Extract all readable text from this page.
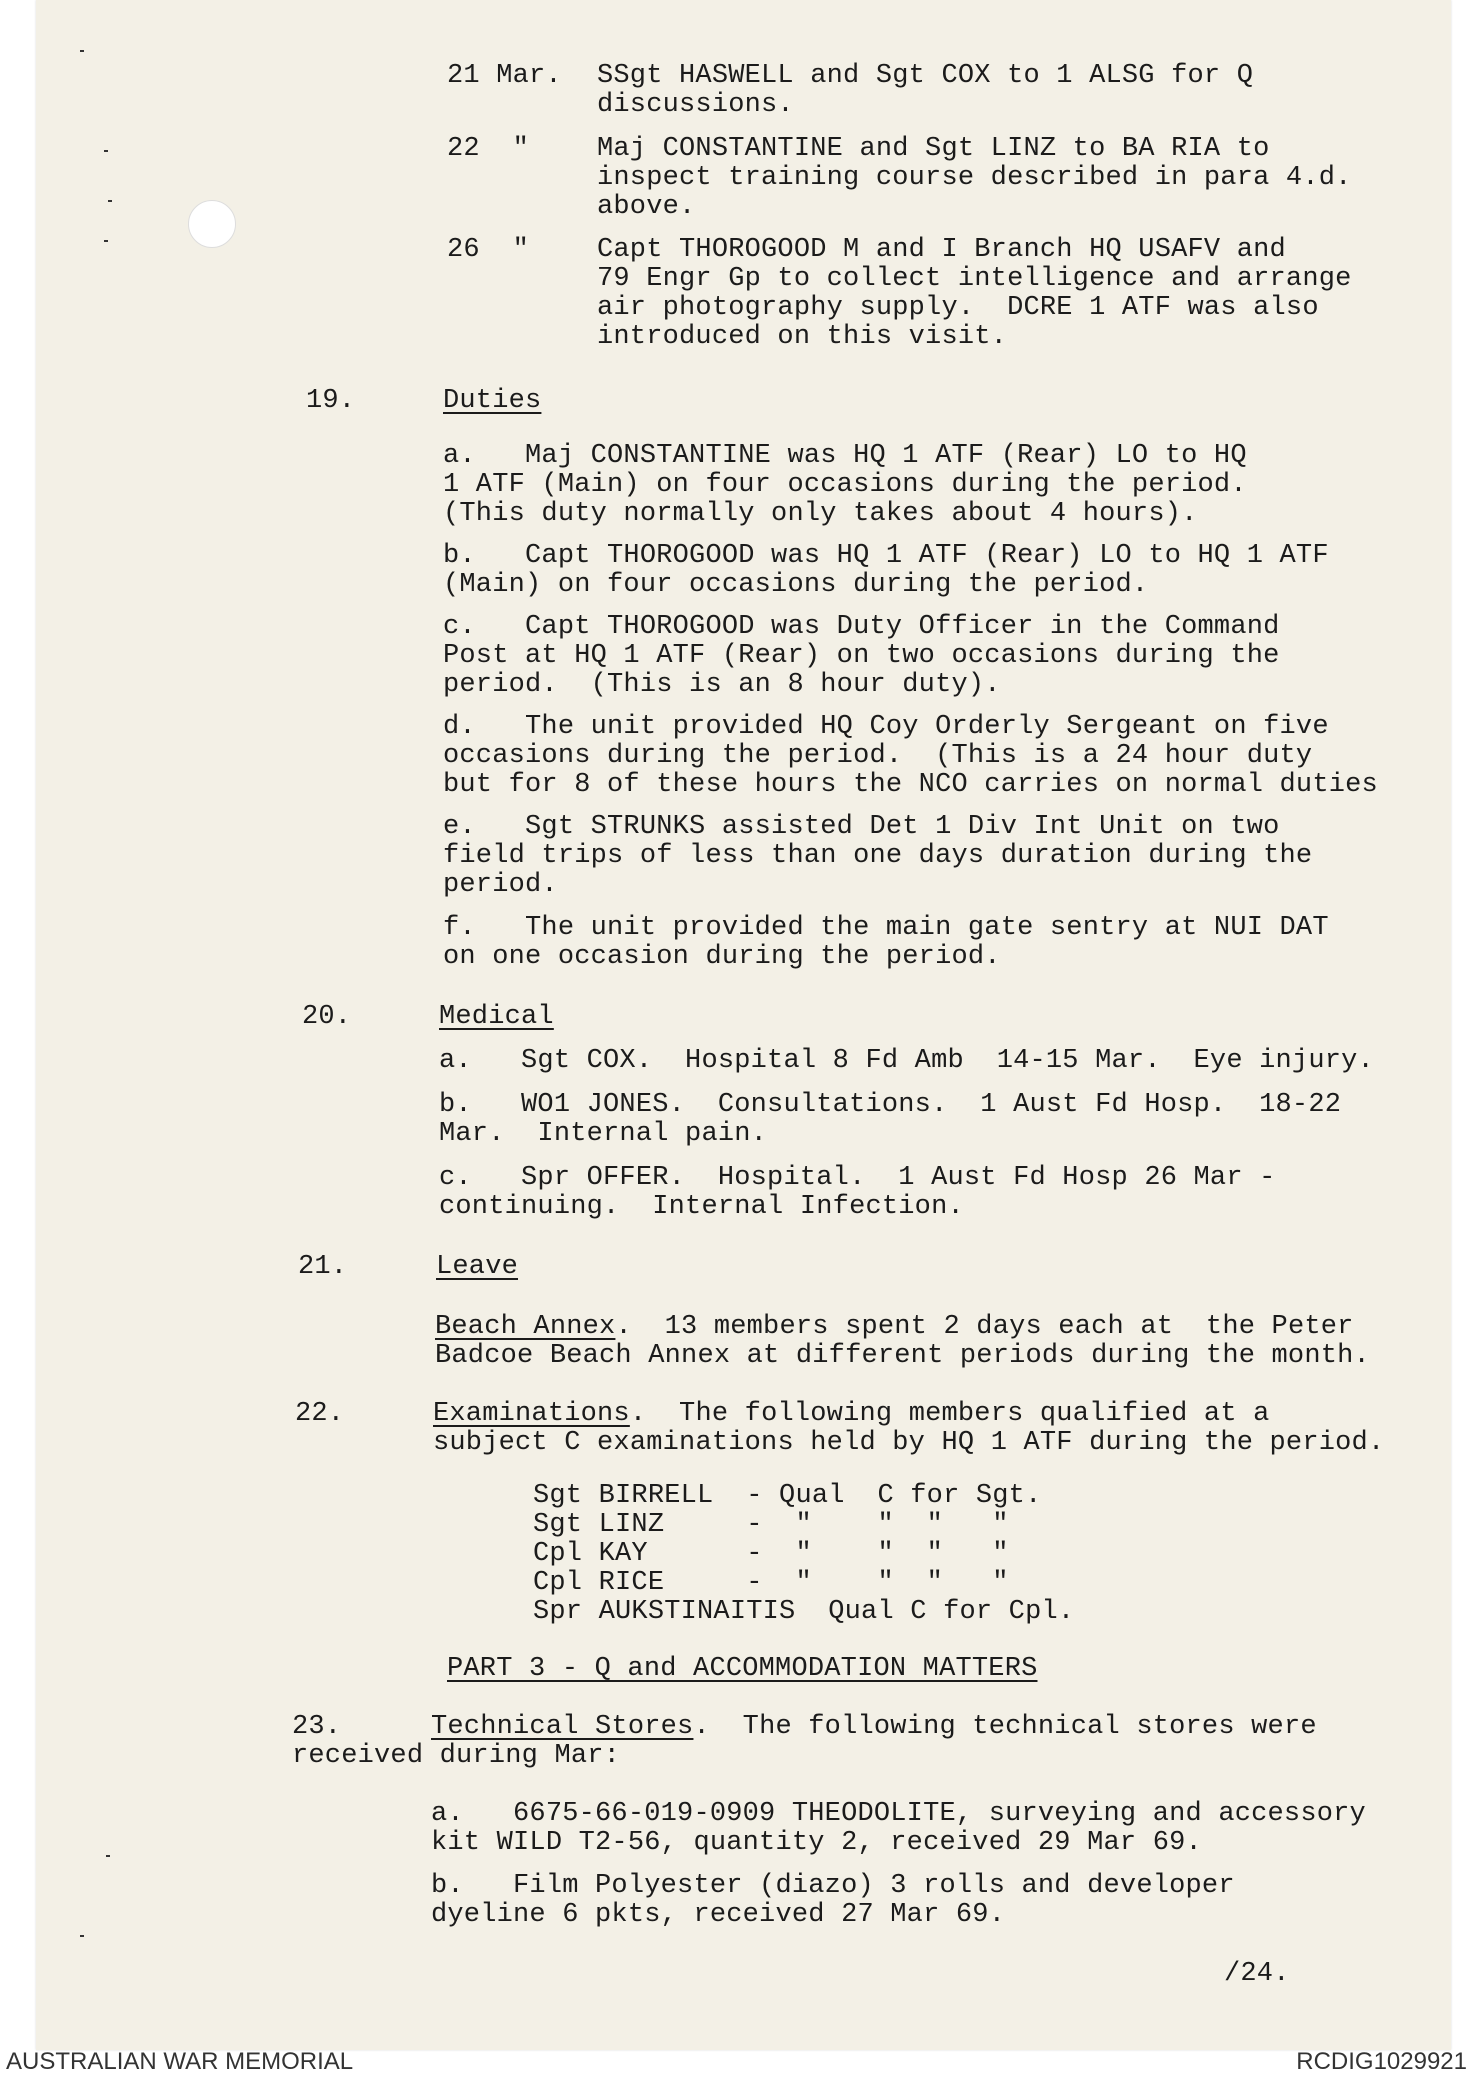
21 Mar. SSgt HASWELL and Sgt COX to 1 ALSG for Q
discussions.
22  "	Maj CONSTANTINE and Sgt LINZ to BA RIA to
inspect training course described in para 4.d.
above.
26  "	Capt THOROGOOD M and I Branch HQ USAFV and
79 Engr Gp to collect intelligence and arrange
air photography supply.  DCRE 1 ATF was also
introduced on this visit.
19.	Duties
a.   Maj CONSTANTINE was HQ 1 ATF (Rear) LO to HQ
1 ATF (Main) on four occasions during the period.
(This duty normally only takes about 4 hours).
b.   Capt THOROGOOD was HQ 1 ATF (Rear) LO to HQ 1 ATF
(Main) on four occasions during the period.
c.   Capt THOROGOOD was Duty Officer in the Command
Post at HQ 1 ATF (Rear) on two occasions during the
period.  (This is an 8 hour duty).
d.   The unit provided HQ Coy Orderly Sergeant on five
occasions during the period.  (This is a 24 hour duty
but for 8 of these hours the NCO carries on normal duties
e.   Sgt STRUNKS assisted Det 1 Div Int Unit on two
field trips of less than one days duration during the
period.
f.   The unit provided the main gate sentry at NUI DAT
on one occasion during the period.
20.	Medical
a.   Sgt COX.  Hospital 8 Fd Amb  14-15 Mar.  Eye injury.
b.   WO1 JONES.  Consultations.  1 Aust Fd Hosp.  18-22
Mar.  Internal pain.
c.   Spr OFFER.  Hospital.  1 Aust Fd Hosp 26 Mar -
continuing.  Internal Infection.
21.	Leave
Beach Annex.  13 members spent 2 days each at  the Peter
Badcoe Beach Annex at different periods during the month.
22.	Examinations.  The following members qualified at a
subject C examinations held by HQ 1 ATF during the period.
Sgt BIRRELL  - Qual  C for Sgt.
Sgt LINZ     -  "    "  "   "
Cpl KAY      -  "    "  "   "
Cpl RICE     -  "    "  "   "
Spr AUKSTINAITIS  Qual C for Cpl.
PART 3 - Q and ACCOMMODATION MATTERS
23.	Technical Stores.  The following technical stores were
received during Mar:
a.   6675-66-019-0909 THEODOLITE, surveying and accessory
kit WILD T2-56, quantity 2, received 29 Mar 69.
b.   Film Polyester (diazo) 3 rolls and developer
dyeline 6 pkts, received 27 Mar 69.
/24.
AUSTRALIAN WAR MEMORIAL	RCDIG1029921
